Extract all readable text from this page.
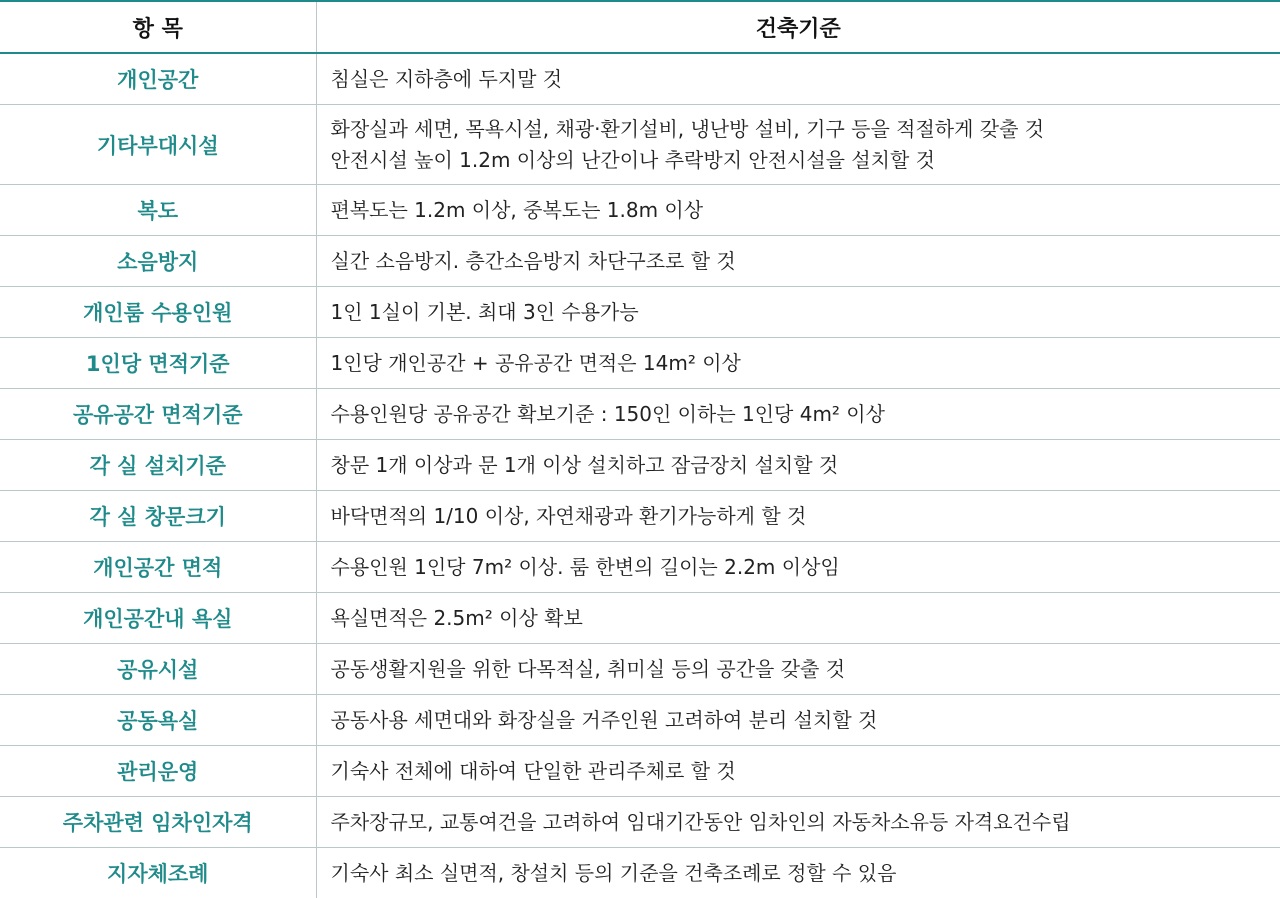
항 목	건축기준
개인공간	침실은 지하층에 두지말 것

기타부대시설	화장실과 세면, 목욕시설, 채광·환기설비, 냉난방 설비, 기구 등을 적절하게 갖출 것
안전시설 높이 1.2m 이상의 난간이나 추락방지 안전시설을 설치할 것

복도	편복도는 1.2m 이상, 중복도는 1.8m 이상

소음방지	실간 소음방지. 층간소음방지 차단구조로 할 것

개인룸 수용인원	1인 1실이 기본. 최대 3인 수용가능

1인당 면적기준	1인당 개인공간 + 공유공간 면적은 14m² 이상

공유공간 면적기준	수용인원당 공유공간 확보기준 : 150인 이하는 1인당 4m² 이상

각 실 설치기준	창문 1개 이상과 문 1개 이상 설치하고 잠금장치 설치할 것

각 실 창문크기	바닥면적의 1/10 이상, 자연채광과 환기가능하게 할 것

개인공간 면적	수용인원 1인당 7m² 이상. 룸 한변의 길이는 2.2m 이상임

개인공간내 욕실	욕실면적은 2.5m² 이상 확보

공유시설	공동생활지원을 위한 다목적실, 취미실 등의 공간을 갖출 것

공동욕실	공동사용 세면대와 화장실을 거주인원 고려하여 분리 설치할 것

관리운영	기숙사 전체에 대하여 단일한 관리주체로 할 것

주차관련 임차인자격	주차장규모, 교통여건을 고려하여 임대기간동안 임차인의 자동차소유등 자격요건수립

지자체조례	기숙사 최소 실면적, 창설치 등의 기준을 건축조례로 정할 수 있음
